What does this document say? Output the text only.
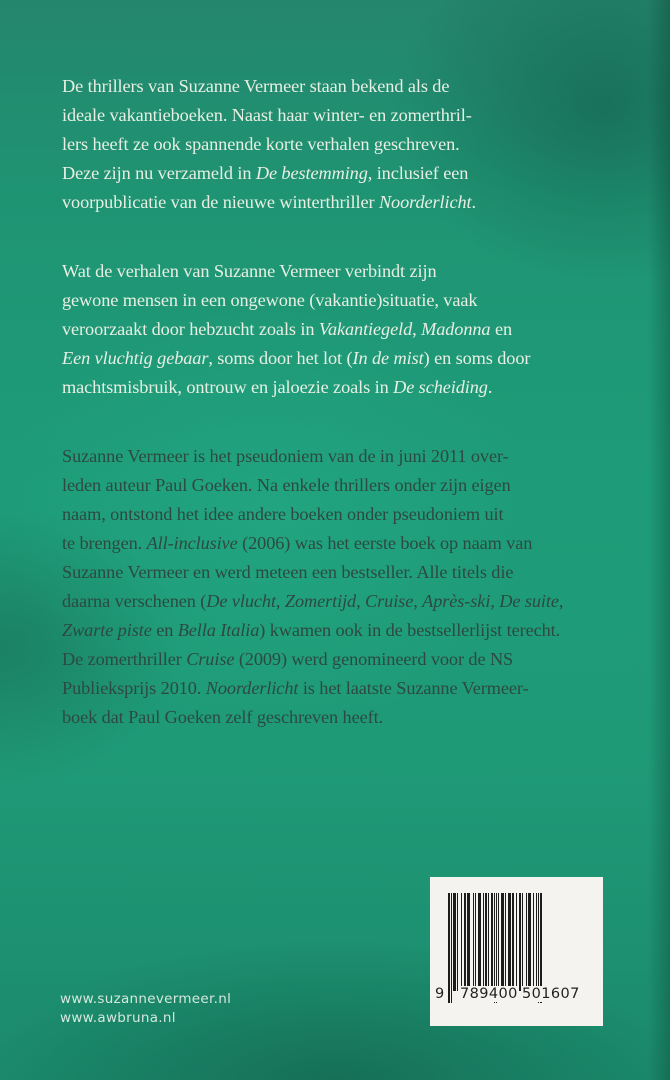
De thrillers van Suzanne Vermeer staan bekend als de
ideale vakantieboeken. Naast haar winter- en zomerthril-
lers heeft ze ook spannende korte verhalen geschreven.
Deze zijn nu verzameld in De bestemming, inclusief een
voorpublicatie van de nieuwe winterthriller Noorderlicht.

Wat de verhalen van Suzanne Vermeer verbindt zijn
gewone mensen in een ongewone (vakantie)situatie, vaak
veroorzaakt door hebzucht zoals in Vakantiegeld, Madonna en
Een vluchtig gebaar, soms door het lot (In de mist) en soms door
machtsmisbruik, ontrouw en jaloezie zoals in De scheiding.

Suzanne Vermeer is het pseudoniem van de in juni 2011 over-
leden auteur Paul Goeken. Na enkele thrillers onder zijn eigen
naam, ontstond het idee andere boeken onder pseudoniem uit
te brengen. All-inclusive (2006) was het eerste boek op naam van
Suzanne Vermeer en werd meteen een bestseller. Alle titels die
daarna verschenen (De vlucht, Zomertijd, Cruise, Après-ski, De suite,
Zwarte piste en Bella Italia) kwamen ook in de bestsellerlijst terecht.
De zomerthriller Cruise (2009) werd genomineerd voor de NS
Publieksprijs 2010. Noorderlicht is het laatste Suzanne Vermeer-
boek dat Paul Goeken zelf geschreven heeft.

www.suzannevermeer.nl
www.awbruna.nl
9 789400 501607
